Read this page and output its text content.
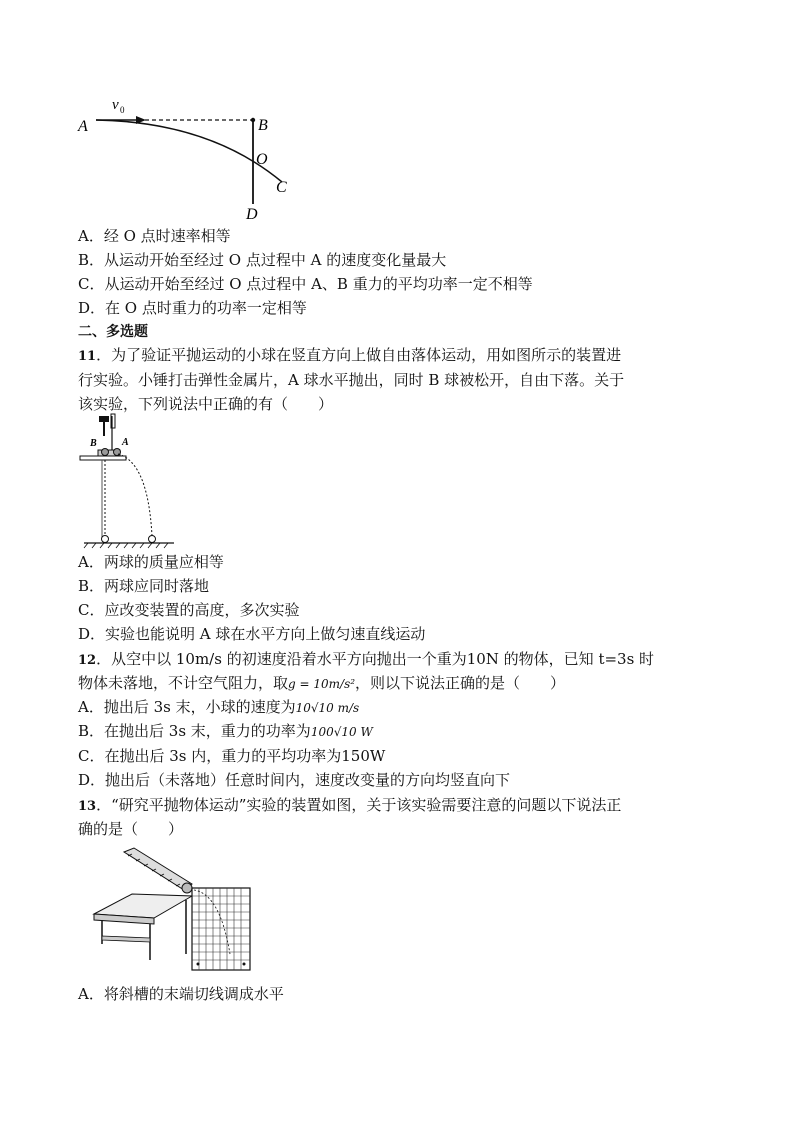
A	B
O
C
D
v 0
A．经 O 点时速率相等
B．从运动开始至经过 O 点过程中 A 的速度变化量最大
C．从运动开始至经过 O 点过程中 A、B 重力的平均功率一定不相等
D．在 O 点时重力的功率一定相等
二、多选题
11．为了验证平抛运动的小球在竖直方向上做自由落体运动，用如图所示的装置进
行实验。小锤打击弹性金属片，A 球水平抛出，同时 B 球被松开，自由下落。关于
该实验，下列说法中正确的有（　　）
B	A
A．两球的质量应相等
B．两球应同时落地
C．应改变装置的高度，多次实验
D．实验也能说明 A 球在水平方向上做匀速直线运动
12．从空中以 10m/s 的初速度沿着水平方向抛出一个重为10N 的物体，已知 t=3s 时
物体未落地，不计空气阻力，取g = 10m/s²，则以下说法正确的是（　　）
A．抛出后 3s 末，小球的速度为10√10 m/s
B．在抛出后 3s 末，重力的功率为100√10 W
C．在抛出后 3s 内，重力的平均功率为150W
D．抛出后（未落地）任意时间内，速度改变量的方向均竖直向下
13．“研究平抛物体运动”实验的装置如图，关于该实验需要注意的问题以下说法正
确的是（　　）
A．将斜槽的末端切线调成水平
